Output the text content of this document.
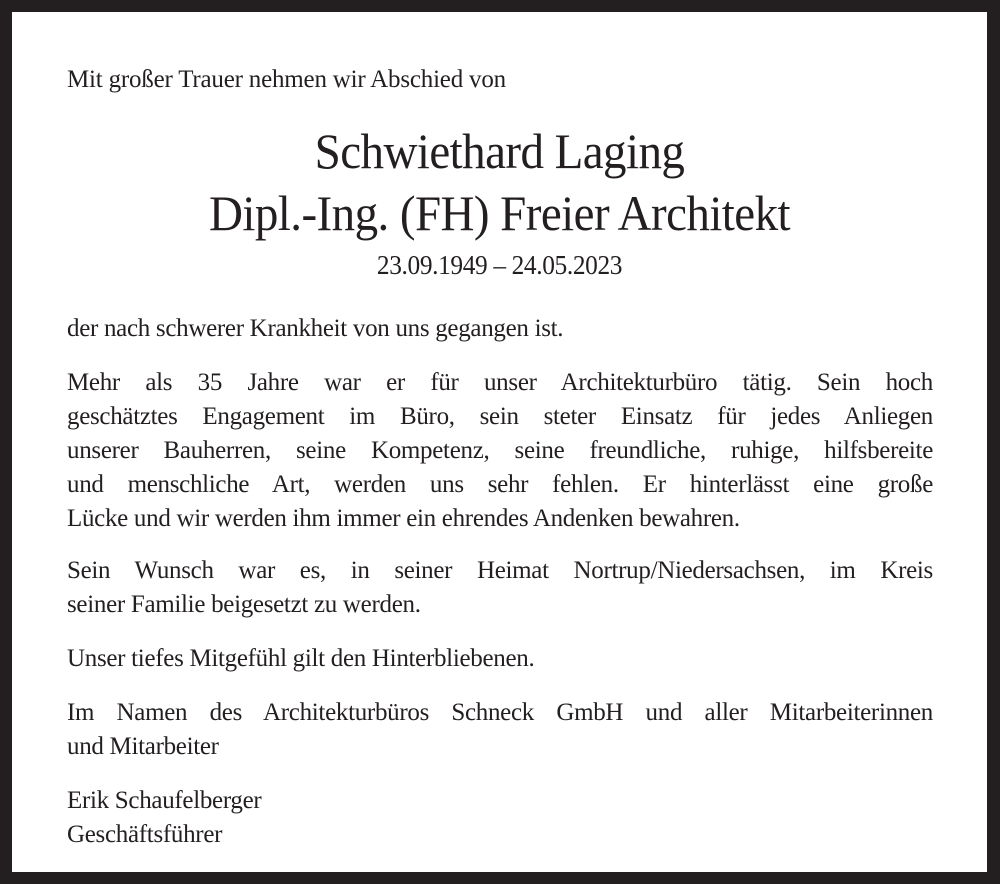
Mit großer Trauer nehmen wir Abschied von
Schwiethard Laging
Dipl.-Ing. (FH) Freier Architekt
23.09.1949 – 24.05.2023
der nach schwerer Krankheit von uns gegangen ist.
Mehr als 35 Jahre war er für unser Architekturbüro tätig. Sein hoch
geschätztes Engagement im Büro, sein steter Einsatz für jedes Anliegen
unserer Bauherren, seine Kompetenz, seine freundliche, ruhige, hilfsbereite
und menschliche Art, werden uns sehr fehlen. Er hinterlässt eine große
Lücke und wir werden ihm immer ein ehrendes Andenken bewahren.
Sein Wunsch war es, in seiner Heimat Nortrup/Niedersachsen, im Kreis
seiner Familie beigesetzt zu werden.
Unser tiefes Mitgefühl gilt den Hinterbliebenen.
Im Namen des Architekturbüros Schneck GmbH und aller Mitarbeiterinnen
und Mitarbeiter
Erik Schaufelberger
Geschäftsführer
